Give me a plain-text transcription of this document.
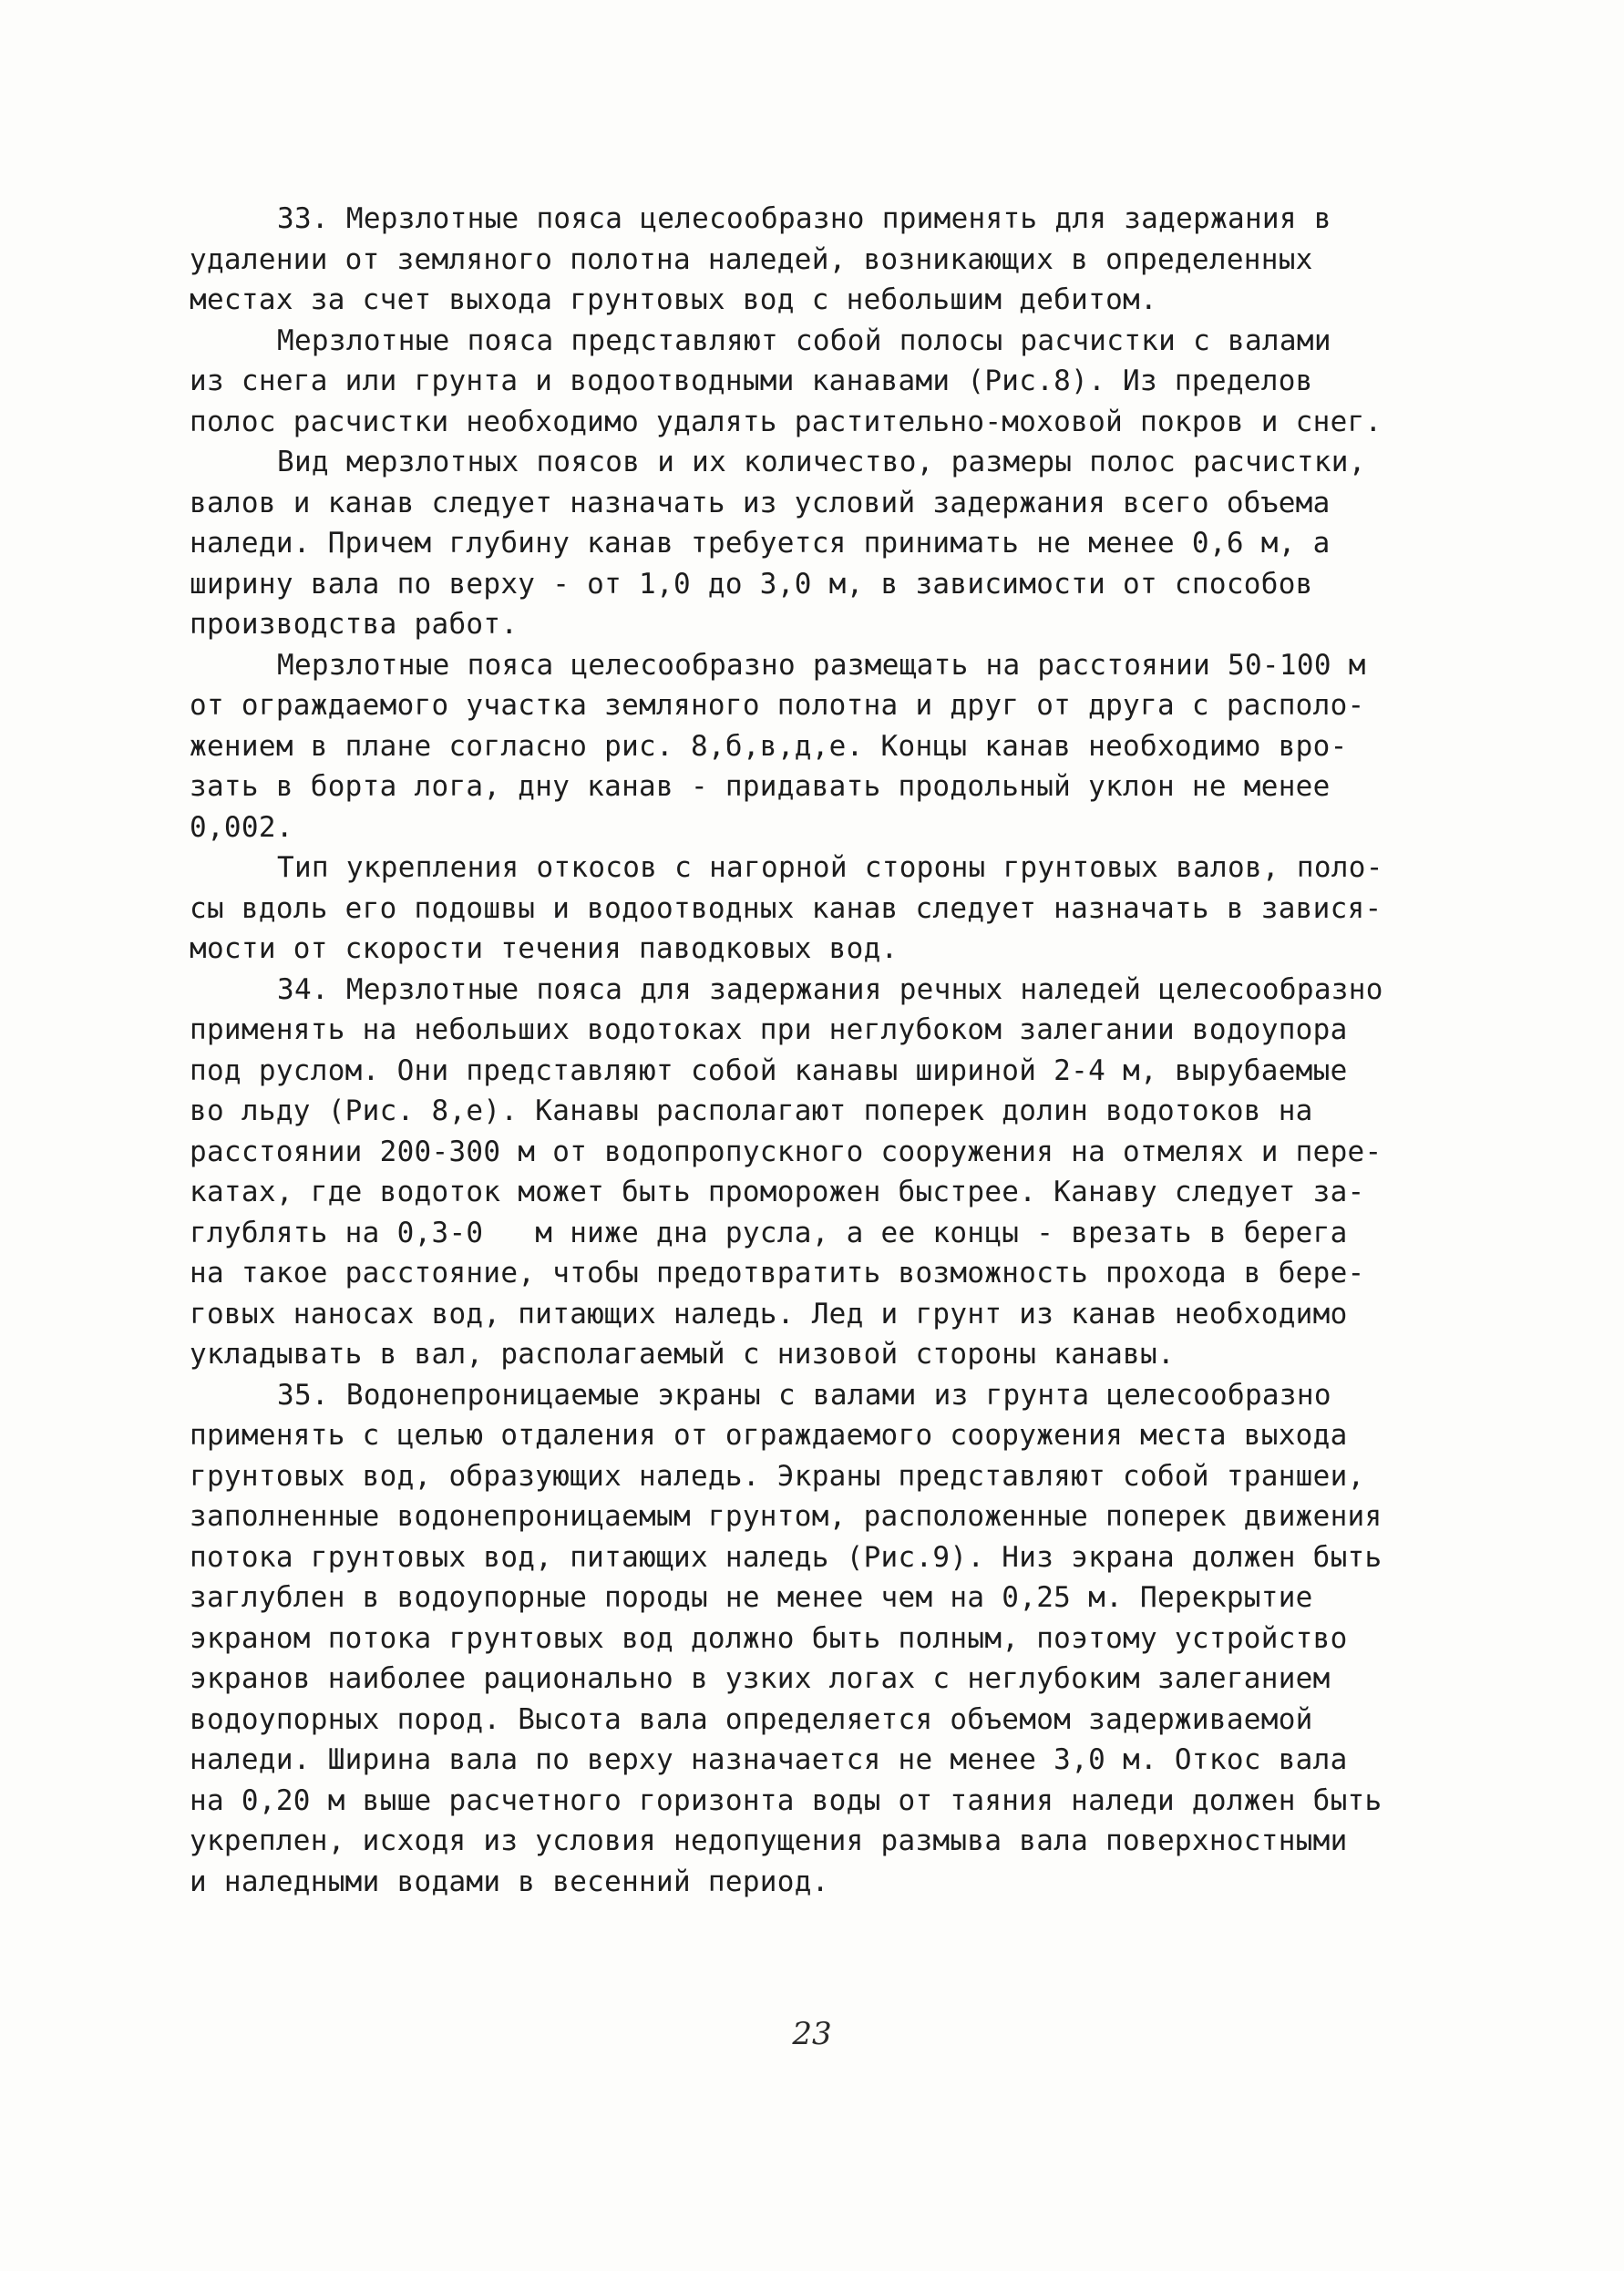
33. Мерзлотные пояса целесообразно применять для задержания в
удалении от земляного полотна наледей, возникающих в определенных
местах за счет выхода грунтовых вод с небольшим дебитом.
Мерзлотные пояса представляют собой полосы расчистки с валами
из снега или грунта и водоотводными канавами (Рис.8). Из пределов
полос расчистки необходимо удалять растительно-моховой покров и снег.
Вид мерзлотных поясов и их количество, размеры полос расчистки,
валов и канав следует назначать из условий задержания всего объема
наледи. Причем глубину канав требуется принимать не менее 0,6 м, а
ширину вала по верху - от 1,0 до 3,0 м, в зависимости от способов
производства работ.
Мерзлотные пояса целесообразно размещать на расстоянии 50-100 м
от ограждаемого участка земляного полотна и друг от друга с располо-
жением в плане согласно рис. 8,б,в,д,е. Концы канав необходимо вро-
зать в борта лога, дну канав - придавать продольный уклон не менее
0,002.
Тип укрепления откосов с нагорной стороны грунтовых валов, поло-
сы вдоль его подошвы и водоотводных канав следует назначать в завися-
мости от скорости течения паводковых вод.
34. Мерзлотные пояса для задержания речных наледей целесообразно
применять на небольших водотоках при неглубоком залегании водоупора
под руслом. Они представляют собой канавы шириной 2-4 м, вырубаемые
во льду (Рис. 8,е). Канавы располагают поперек долин водотоков на
расстоянии 200-300 м от водопропускного сооружения на отмелях и пере-
катах, где водоток может быть проморожен быстрее. Канаву следует за-
глублять на 0,3-0   м ниже дна русла, а ее концы - врезать в берега
на такое расстояние, чтобы предотвратить возможность прохода в бере-
говых наносах вод, питающих наледь. Лед и грунт из канав необходимо
укладывать в вал, располагаемый с низовой стороны канавы.
35. Водонепроницаемые экраны с валами из грунта целесообразно
применять с целью отдаления от ограждаемого сооружения места выхода
грунтовых вод, образующих наледь. Экраны представляют собой траншеи,
заполненные водонепроницаемым грунтом, расположенные поперек движения
потока грунтовых вод, питающих наледь (Рис.9). Низ экрана должен быть
заглублен в водоупорные породы не менее чем на 0,25 м. Перекрытие
экраном потока грунтовых вод должно быть полным, поэтому устройство
экранов наиболее рационально в узких логах с неглубоким залеганием
водоупорных пород. Высота вала определяется объемом задерживаемой
наледи. Ширина вала по верху назначается не менее 3,0 м. Откос вала
на 0,20 м выше расчетного горизонта воды от таяния наледи должен быть
укреплен, исходя из условия недопущения размыва вала поверхностными
и наледными водами в весенний период.
23
